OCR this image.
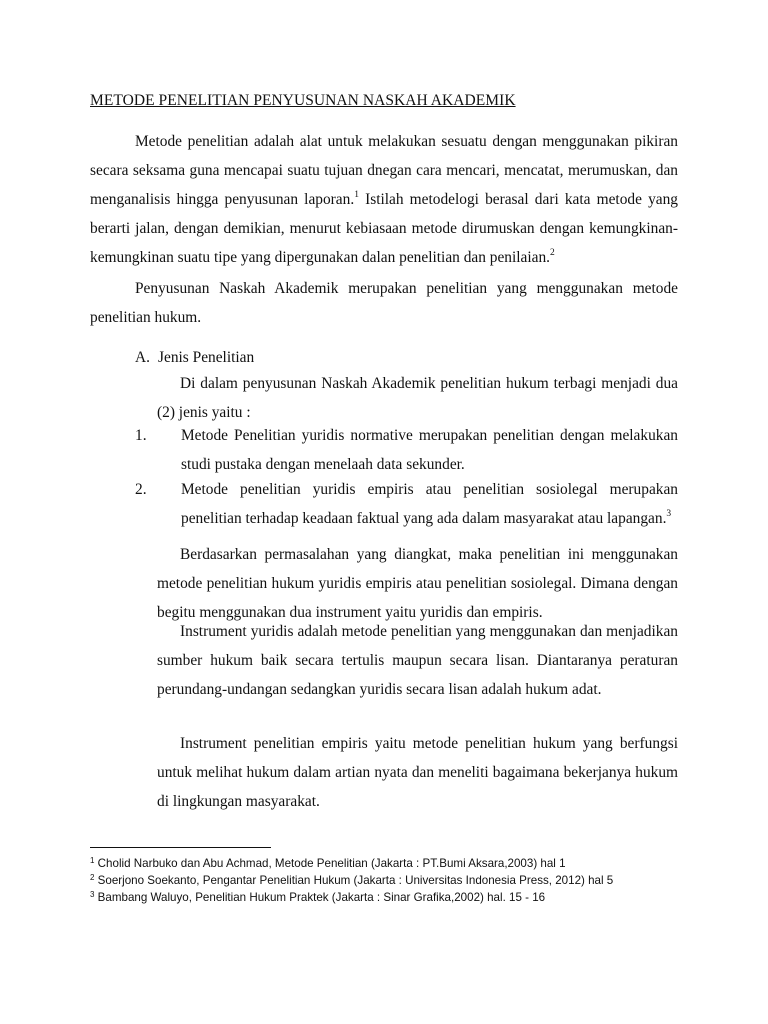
METODE PENELITIAN PENYUSUNAN NASKAH AKADEMIK

Metode penelitian adalah alat untuk melakukan sesuatu dengan menggunakan pikiran secara seksama guna mencapai suatu tujuan dnegan cara mencari, mencatat, merumuskan, dan menganalisis hingga penyusunan laporan.$^1$ Istilah metodelogi berasal dari kata metode yang berarti jalan, dengan demikian, menurut kebiasaan metode dirumuskan dengan kemungkinan-kemungkinan suatu tipe yang dipergunakan dalan penelitian dan penilaian.$^2$

Penyusunan Naskah Akademik merupakan penelitian yang menggunakan metode penelitian hukum.

A. Jenis Penelitian

Di dalam penyusunan Naskah Akademik penelitian hukum terbagi menjadi dua (2) jenis yaitu :

1.	Metode Penelitian yuridis normative merupakan penelitian dengan melakukan studi pustaka dengan menelaah data sekunder.
2.	Metode penelitian yuridis empiris atau penelitian sosiolegal merupakan penelitian terhadap keadaan faktual yang ada dalam masyarakat atau lapangan.$^3$

Berdasarkan permasalahan yang diangkat, maka penelitian ini menggunakan metode penelitian hukum yuridis empiris atau penelitian sosiolegal. Dimana dengan begitu menggunakan dua instrument yaitu yuridis dan empiris.

Instrument yuridis adalah metode penelitian yang menggunakan dan menjadikan sumber hukum baik secara tertulis maupun secara lisan. Diantaranya peraturan perundang-undangan sedangkan yuridis secara lisan adalah hukum adat.

Instrument penelitian empiris yaitu metode penelitian hukum yang berfungsi untuk melihat hukum dalam artian nyata dan meneliti bagaimana bekerjanya hukum di lingkungan masyarakat.

$^1$ Cholid Narbuko dan Abu Achmad, Metode Penelitian (Jakarta : PT.Bumi Aksara,2003) hal 1
$^2$ Soerjono Soekanto, Pengantar Penelitian Hukum (Jakarta : Universitas Indonesia Press, 2012) hal 5
$^3$ Bambang Waluyo, Penelitian Hukum Praktek (Jakarta : Sinar Grafika,2002) hal. 15 - 16
